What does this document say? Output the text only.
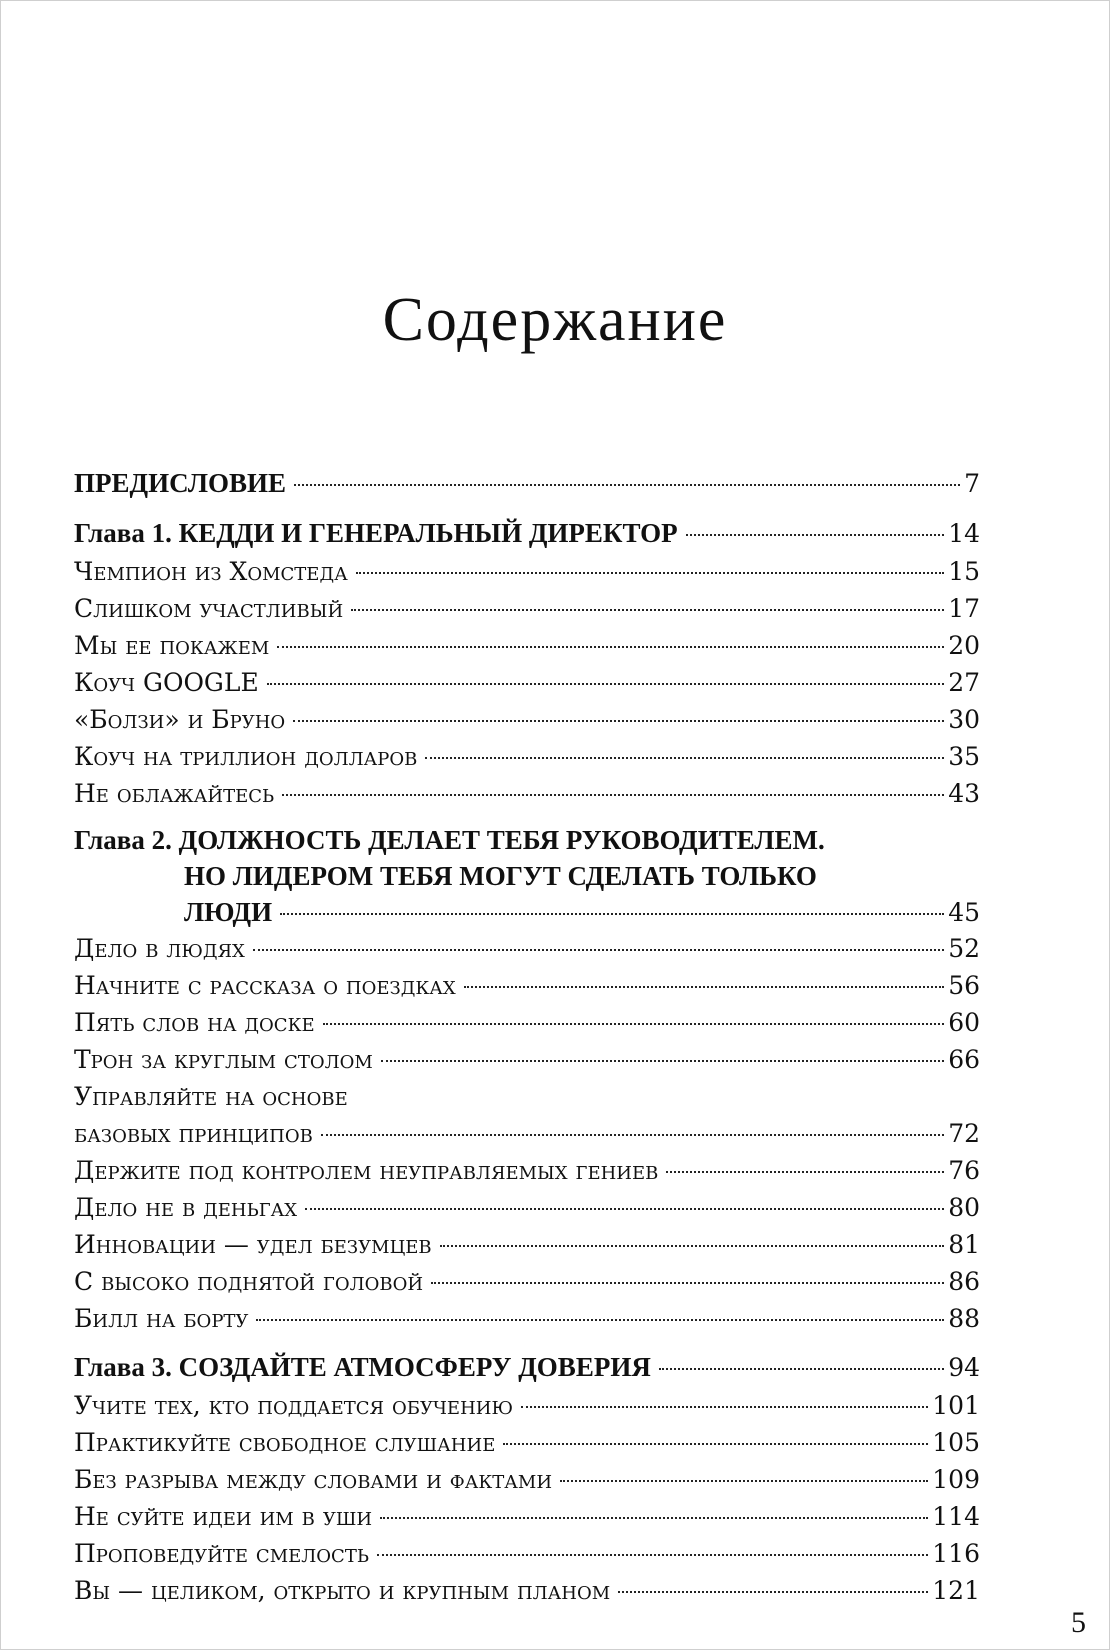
Содержание
ПРЕДИСЛОВИЕ	7
Глава 1. КЕДДИ И ГЕНЕРАЛЬНЫЙ ДИРЕКТОР	14
Чемпион из Хомстеда	15
Слишком участливый	17
Мы ее покажем	20
Коуч GOOGLE	27
«Болзи» и Бруно	30
Коуч на триллион долларов	35
Не облажайтесь	43
Глава 2. ДОЛЖНОСТЬ ДЕЛАЕТ ТЕБЯ РУКОВОДИТЕЛЕМ.
НО ЛИДЕРОМ ТЕБЯ МОГУТ СДЕЛАТЬ ТОЛЬКО
ЛЮДИ	45
Дело в людях	52
Начните с рассказа о поездках	56
Пять слов на доске	60
Трон за круглым столом	66
Управляйте на основе
базовых принципов	72
Держите под контролем неуправляемых гениев	76
Дело не в деньгах	80
Инновации — удел безумцев	81
С высоко поднятой головой	86
Билл на борту	88
Глава 3. СОЗДАЙТЕ АТМОСФЕРУ ДОВЕРИЯ	94
Учите тех, кто поддается обучению	101
Практикуйте свободное слушание	105
Без разрыва между словами и фактами	109
Не суйте идеи им в уши	114
Проповедуйте смелость	116
Вы — целиком, открыто и крупным планом	121
5
